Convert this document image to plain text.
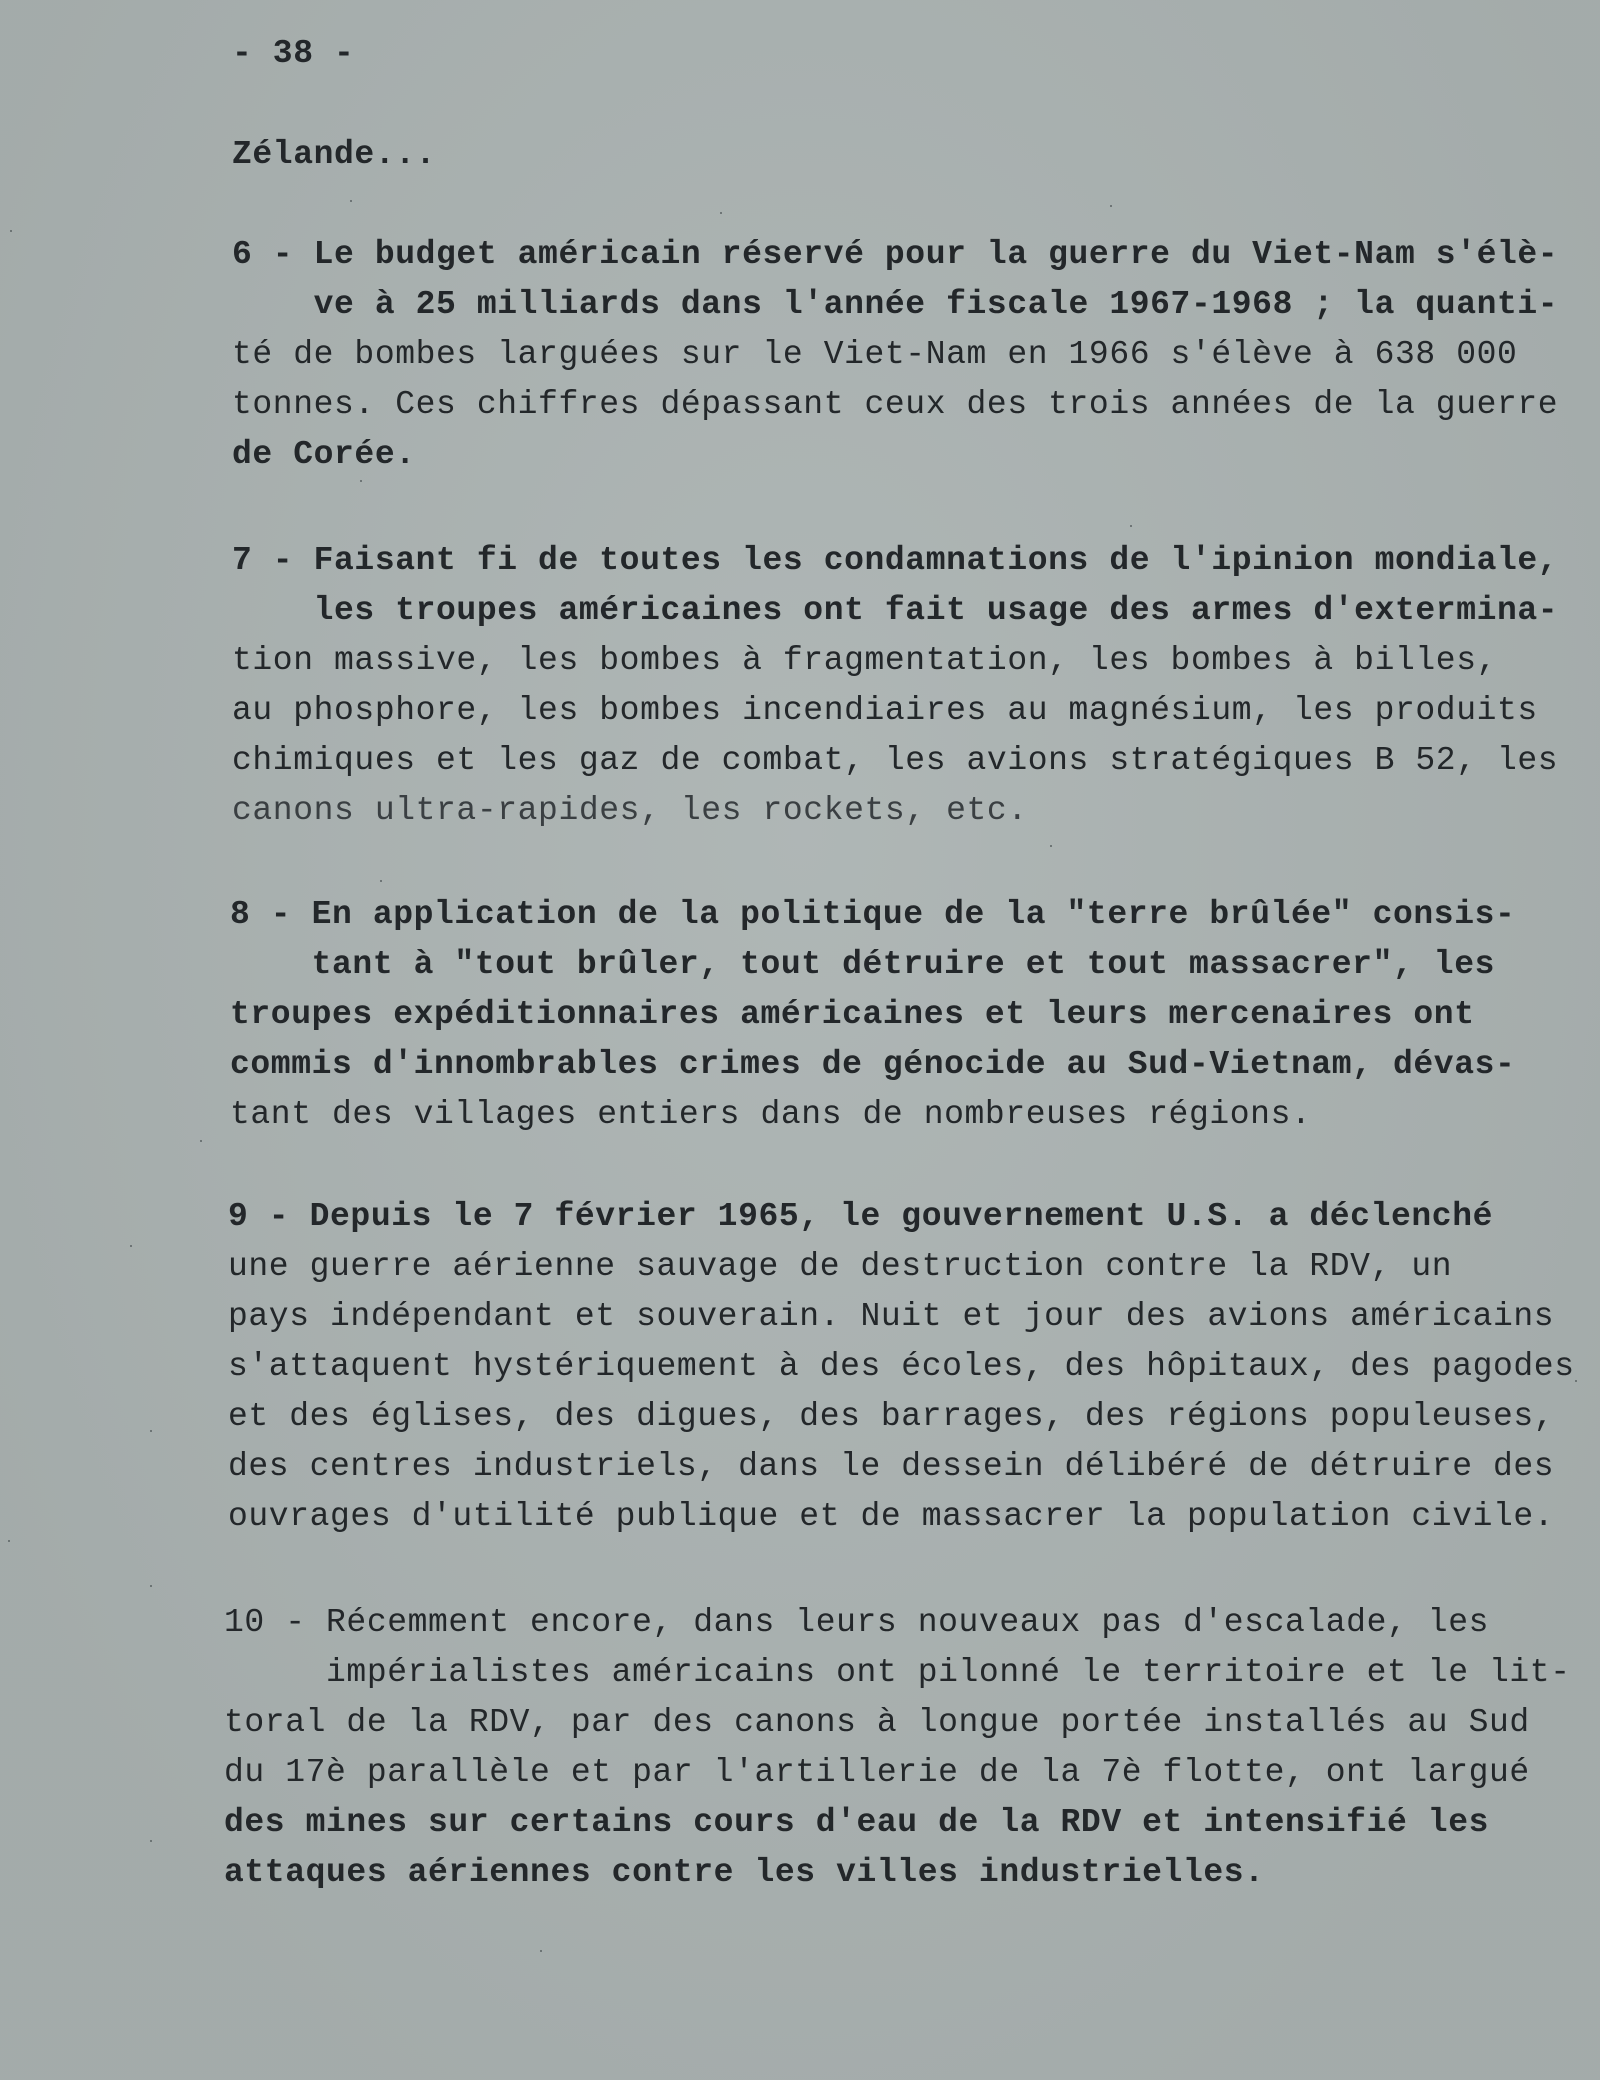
- 38 -
Zélande...
6 - Le budget américain réservé pour la guerre du Viet-Nam s'élè-
ve à 25 milliards dans l'année fiscale 1967-1968 ; la quanti-
té de bombes larguées sur le Viet-Nam en 1966 s'élève à 638 000
tonnes. Ces chiffres dépassant ceux des trois années de la guerre
de Corée.
7 - Faisant fi de toutes les condamnations de l'ipinion mondiale,
les troupes américaines ont fait usage des armes d'extermina-
tion massive, les bombes à fragmentation, les bombes à billes,
au phosphore, les bombes incendiaires au magnésium, les produits
chimiques et les gaz de combat, les avions stratégiques B 52, les
canons ultra-rapides, les rockets, etc.
8 - En application de la politique de la "terre brûlée" consis-
tant à "tout brûler, tout détruire et tout massacrer", les
troupes expéditionnaires américaines et leurs mercenaires ont
commis d'innombrables crimes de génocide au Sud-Vietnam, dévas-
tant des villages entiers dans de nombreuses régions.
9 - Depuis le 7 février 1965, le gouvernement U.S. a déclenché
une guerre aérienne sauvage de destruction contre la RDV, un
pays indépendant et souverain. Nuit et jour des avions américains
s'attaquent hystériquement à des écoles, des hôpitaux, des pagodes
et des églises, des digues, des barrages, des régions populeuses,
des centres industriels, dans le dessein délibéré de détruire des
ouvrages d'utilité publique et de massacrer la population civile.
10 - Récemment encore, dans leurs nouveaux pas d'escalade, les
impérialistes américains ont pilonné le territoire et le lit-
toral de la RDV, par des canons à longue portée installés au Sud
du 17è parallèle et par l'artillerie de la 7è flotte, ont largué
des mines sur certains cours d'eau de la RDV et intensifié les
attaques aériennes contre les villes industrielles.
